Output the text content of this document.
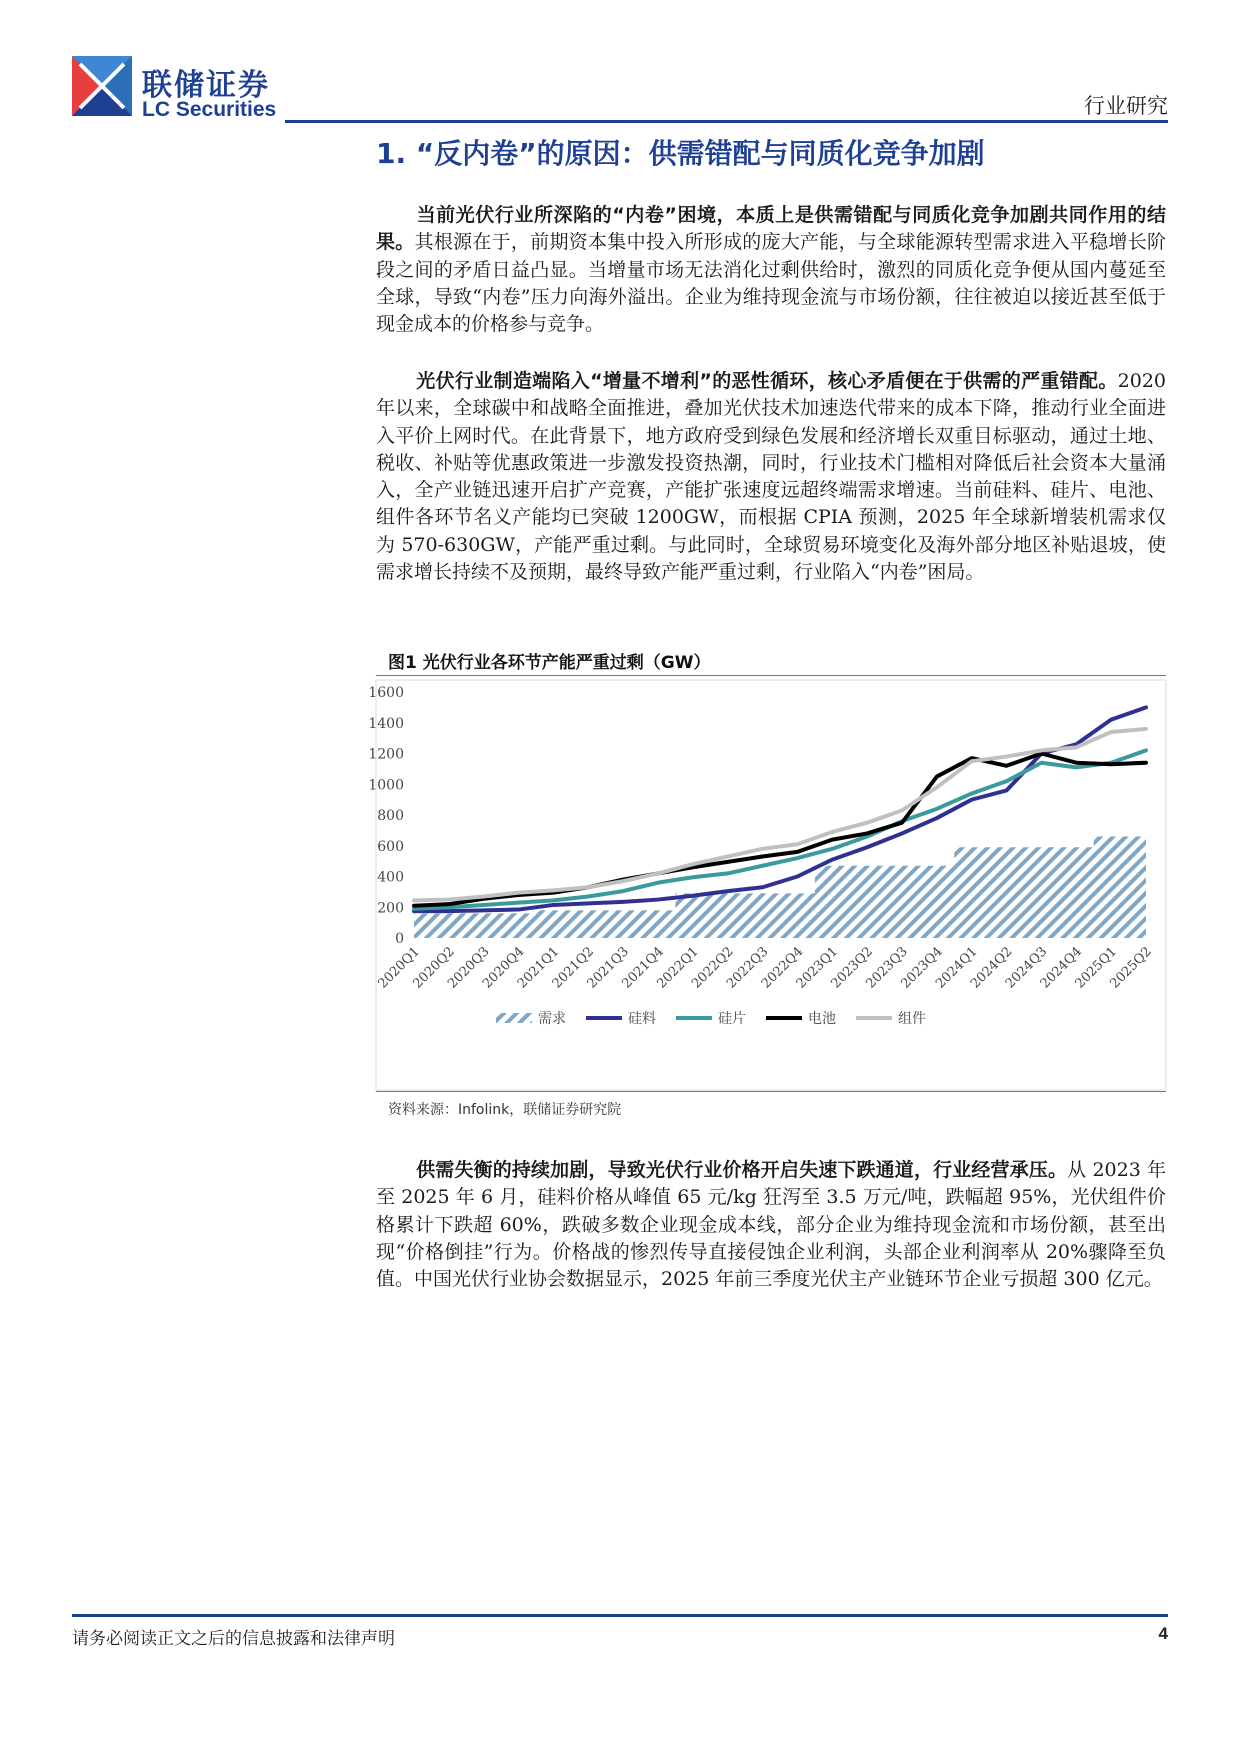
联储证券
LC Securities	行业研究
1. “反内卷”的原因：供需错配与同质化竞争加剧

当前光伏行业所深陷的“内卷”困境，本质上是供需错配与同质化竞争加剧共同作用的结果。其根源在于，前期资本集中投入所形成的庞大产能，与全球能源转型需求进入平稳增长阶段之间的矛盾日益凸显。当增量市场无法消化过剩供给时，激烈的同质化竞争便从国内蔓延至全球，导致“内卷”压力向海外溢出。企业为维持现金流与市场份额，往往被迫以接近甚至低于现金成本的价格参与竞争。

光伏行业制造端陷入“增量不增利”的恶性循环，核心矛盾便在于供需的严重错配。2020 年以来，全球碳中和战略全面推进，叠加光伏技术加速迭代带来的成本下降，推动行业全面进入平价上网时代。在此背景下，地方政府受到绿色发展和经济增长双重目标驱动，通过土地、税收、补贴等优惠政策进一步激发投资热潮，同时，行业技术门槛相对降低后社会资本大量涌入，全产业链迅速开启扩产竞赛，产能扩张速度远超终端需求增速。当前硅料、硅片、电池、组件各环节名义产能均已突破 1200GW，而根据 CPIA 预测，2025 年全球新增装机需求仅为 570-630GW，产能严重过剩。与此同时，全球贸易环境变化及海外部分地区补贴退坡，使需求增长持续不及预期，最终导致产能严重过剩，行业陷入“内卷”困局。

图1 光伏行业各环节产能严重过剩（GW）
0
200
400
600
800
1000
1200
1400
1600
2020Q1
2020Q2
2020Q3
2020Q4
2021Q1
2021Q2
2021Q3
2021Q4
2022Q1
2022Q2
2022Q3
2022Q4
2023Q1
2023Q2
2023Q3
2023Q4
2024Q1
2024Q2
2024Q3
2024Q4
2025Q1
2025Q2
需求	硅料	硅片	电池	组件
资料来源：Infolink，联储证券研究院

供需失衡的持续加剧，导致光伏行业价格开启失速下跌通道，行业经营承压。从 2023 年至 2025 年 6 月，硅料价格从峰值 65 元/kg 狂泻至 3.5 万元/吨，跌幅超 95%，光伏组件价格累计下跌超 60%，跌破多数企业现金成本线，部分企业为维持现金流和市场份额，甚至出现“价格倒挂”行为。价格战的惨烈传导直接侵蚀企业利润，头部企业利润率从 20%骤降至负值。中国光伏行业协会数据显示，2025 年前三季度光伏主产业链环节企业亏损超 300 亿元。

请务必阅读正文之后的信息披露和法律声明	4
